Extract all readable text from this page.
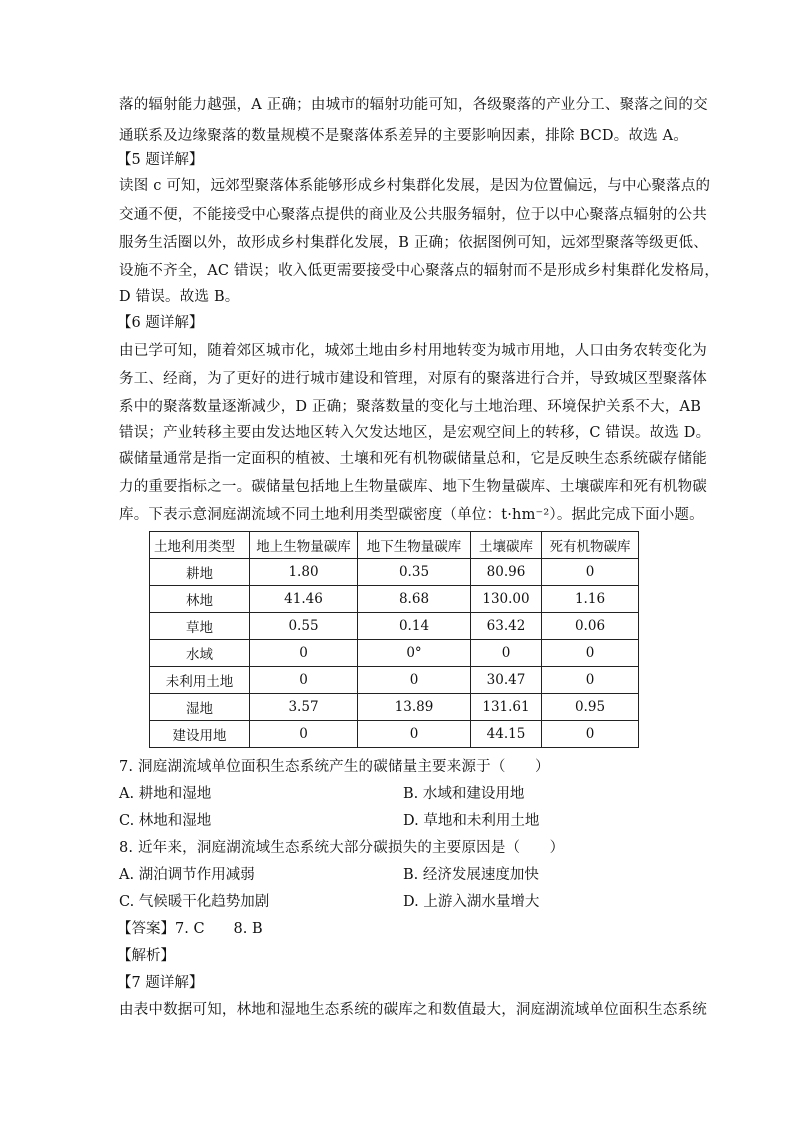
落的辐射能力越强，A 正确；由城市的辐射功能可知，各级聚落的产业分工、聚落之间的交
通联系及边缘聚落的数量规模不是聚落体系差异的主要影响因素，排除 BCD。故选 A。
【5 题详解】
读图 c 可知，远郊型聚落体系能够形成乡村集群化发展，是因为位置偏远，与中心聚落点的
交通不便，不能接受中心聚落点提供的商业及公共服务辐射，位于以中心聚落点辐射的公共
服务生活圈以外，故形成乡村集群化发展，B 正确；依据图例可知，远郊型聚落等级更低、
设施不齐全，AC 错误；收入低更需要接受中心聚落点的辐射而不是形成乡村集群化发格局，
D 错误。故选 B。
【6 题详解】
由已学可知，随着郊区城市化，城郊土地由乡村用地转变为城市用地，人口由务农转变化为
务工、经商，为了更好的进行城市建设和管理，对原有的聚落进行合并，导致城区型聚落体
系中的聚落数量逐渐减少，D 正确；聚落数量的变化与土地治理、环境保护关系不大，AB
错误；产业转移主要由发达地区转入欠发达地区，是宏观空间上的转移，C 错误。故选 D。
碳储量通常是指一定面积的植被、土壤和死有机物碳储量总和，它是反映生态系统碳存储能
力的重要指标之一。碳储量包括地上生物量碳库、地下生物量碳库、土壤碳库和死有机物碳
库。下表示意洞庭湖流域不同土地利用类型碳密度（单位：t·hm⁻²）。据此完成下面小题。
土地利用类型	地上生物量碳库	地下生物量碳库	土壤碳库	死有机物碳库
耕地	1.80	0.35	80.96	0
林地	41.46	8.68	130.00	1.16
草地	0.55	0.14	63.42	0.06
水域	0	0°	0	0
未利用土地	0	0	30.47	0
湿地	3.57	13.89	131.61	0.95
建设用地	0	0	44.15	0
7. 洞庭湖流域单位面积生态系统产生的碳储量主要来源于（　　）
A. 耕地和湿地	B. 水域和建设用地
C. 林地和湿地	D. 草地和未利用土地
8. 近年来，洞庭湖流域生态系统大部分碳损失的主要原因是（　　）
A. 湖泊调节作用减弱	B. 经济发展速度加快
C. 气候暖干化趋势加剧	D. 上游入湖水量增大
【答案】7. C　　8. B
【解析】
【7 题详解】
由表中数据可知，林地和湿地生态系统的碳库之和数值最大，洞庭湖流域单位面积生态系统
